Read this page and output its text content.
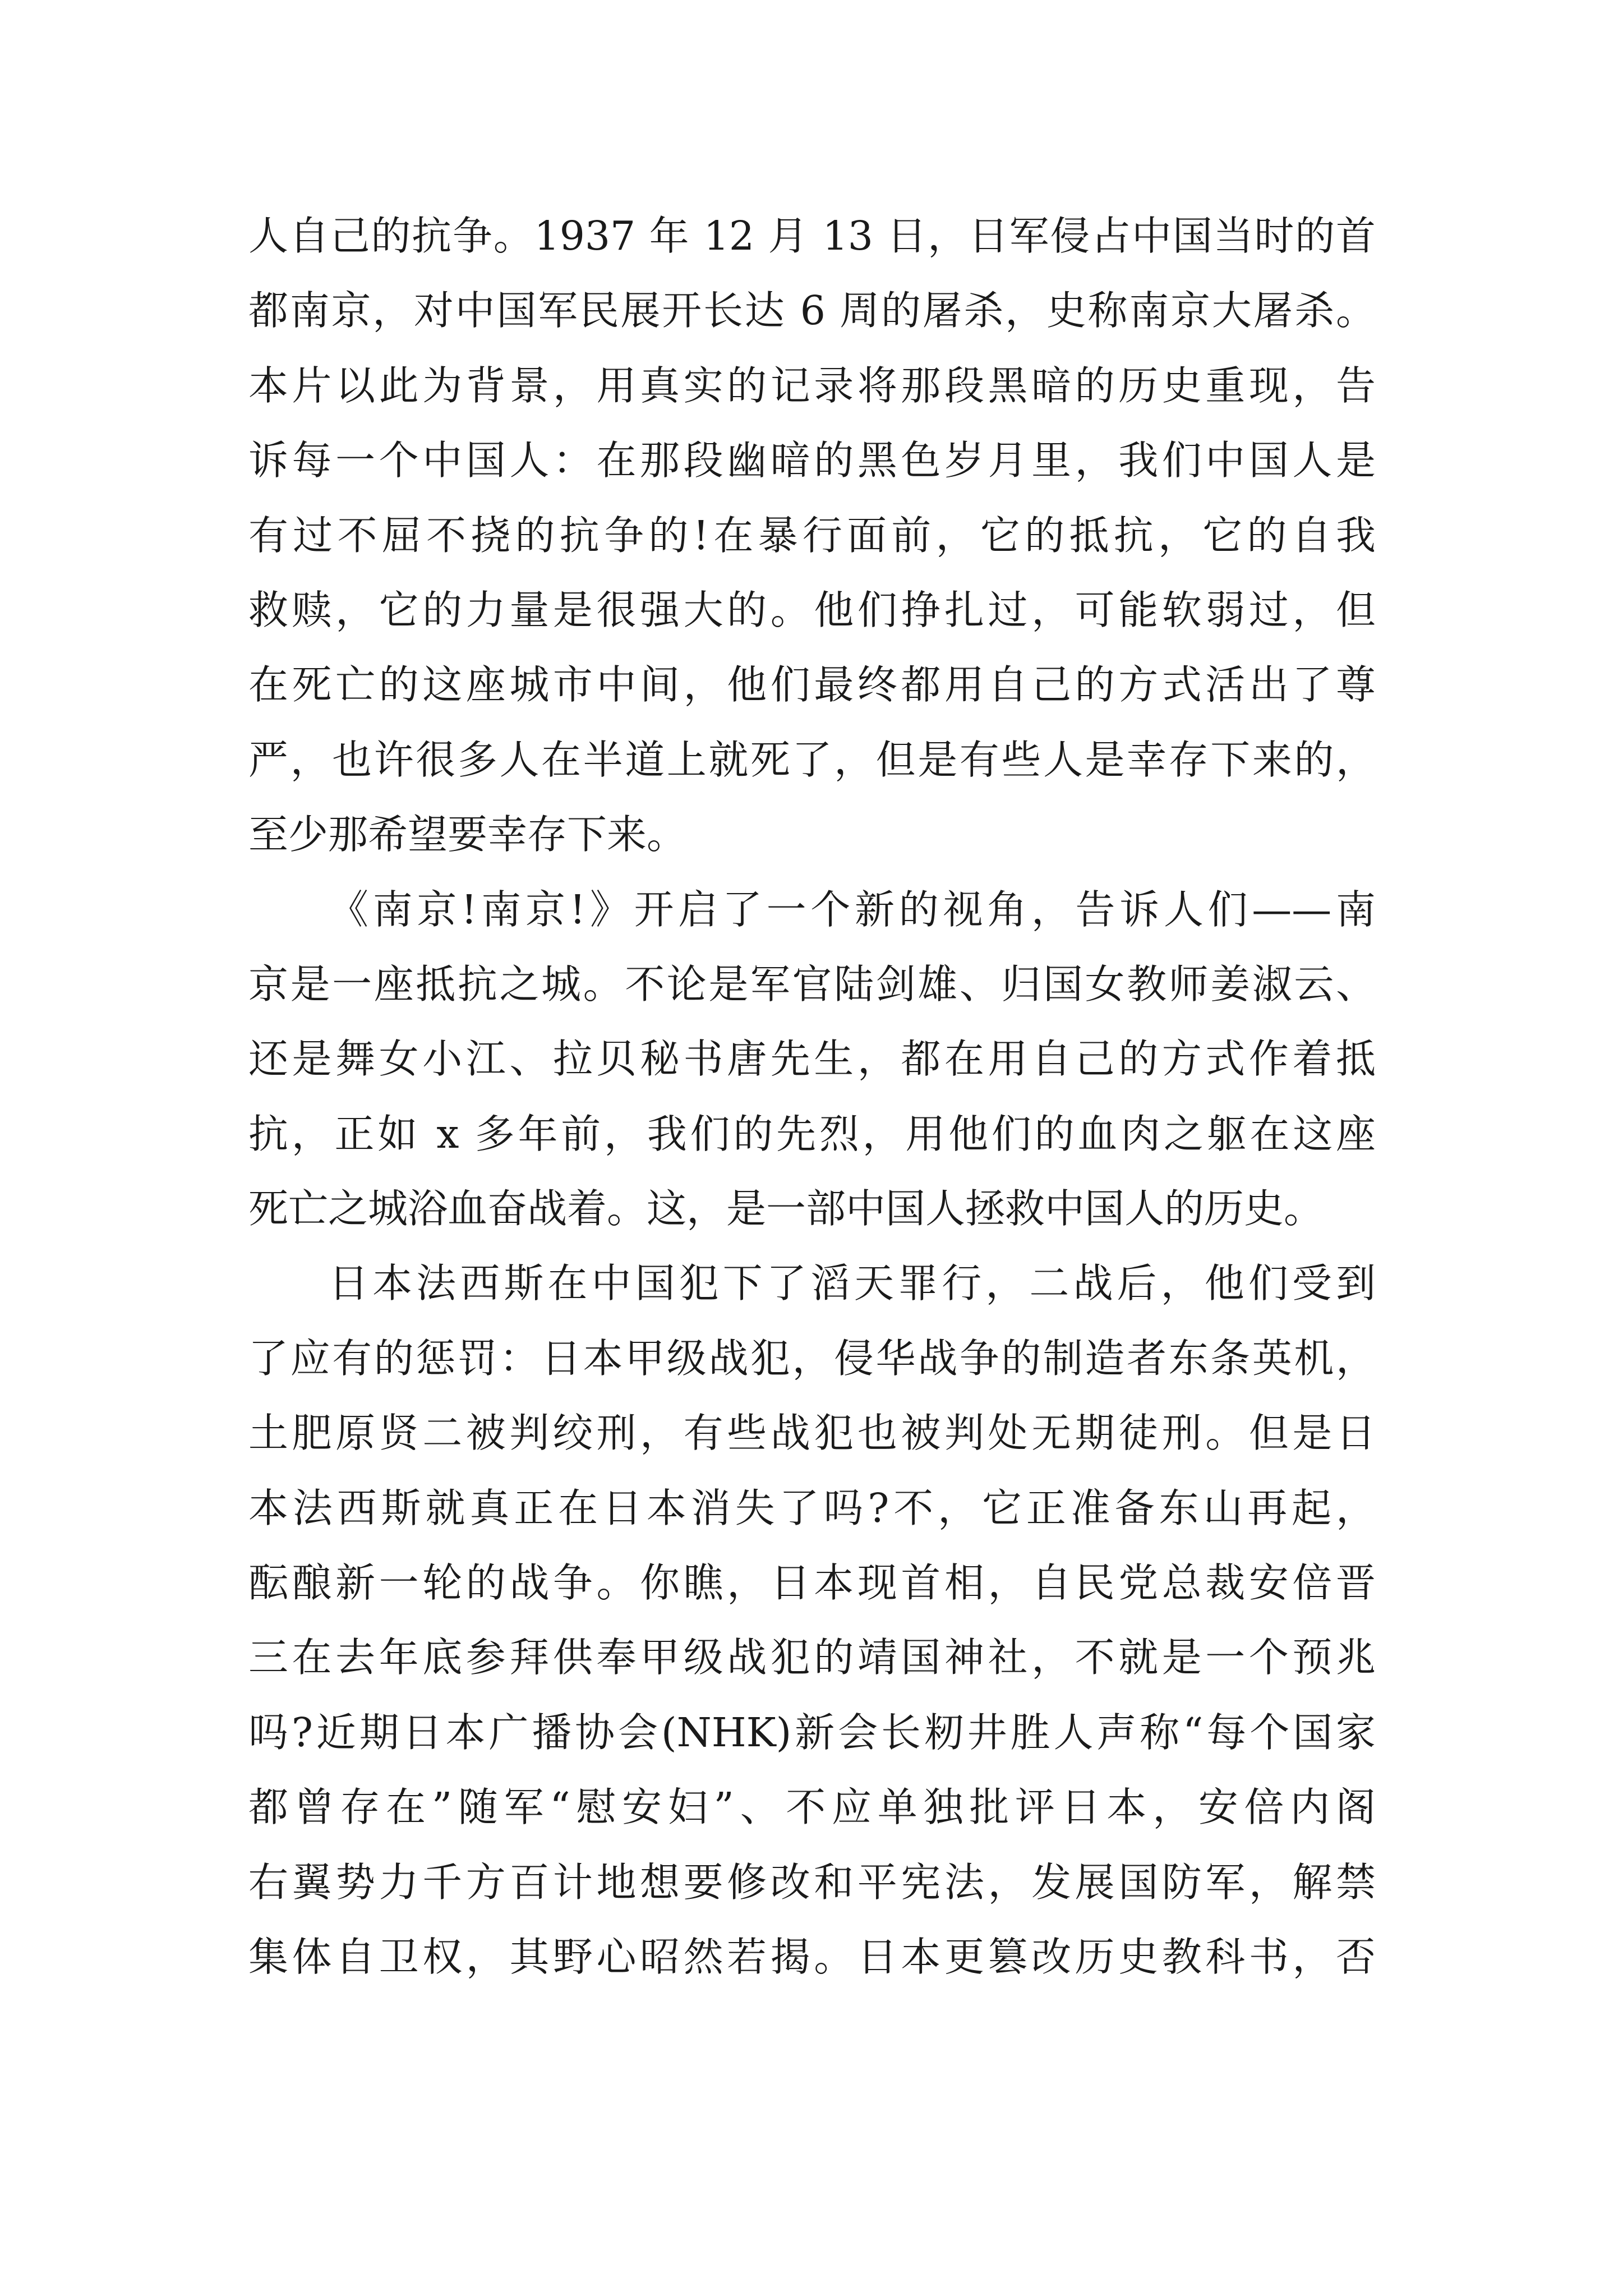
人自己的抗争。1937 年 12 月 13 日，日军侵占中国当时的首
都南京，对中国军民展开长达 6 周的屠杀，史称南京大屠杀。
本片以此为背景，用真实的记录将那段黑暗的历史重现，告
诉每一个中国人：在那段幽暗的黑色岁月里，我们中国人是
有过不屈不挠的抗争的!在暴行面前，它的抵抗，它的自我
救赎，它的力量是很强大的。他们挣扎过，可能软弱过，但
在死亡的这座城市中间，他们最终都用自己的方式活出了尊
严，也许很多人在半道上就死了，但是有些人是幸存下来的，
至少那希望要幸存下来。
《南京!南京!》开启了一个新的视角，告诉人们——南
京是一座抵抗之城。不论是军官陆剑雄、归国女教师姜淑云、
还是舞女小江、拉贝秘书唐先生，都在用自己的方式作着抵
抗，正如 x 多年前，我们的先烈，用他们的血肉之躯在这座
死亡之城浴血奋战着。这，是一部中国人拯救中国人的历史。
日本法西斯在中国犯下了滔天罪行，二战后，他们受到
了应有的惩罚：日本甲级战犯，侵华战争的制造者东条英机，
土肥原贤二被判绞刑，有些战犯也被判处无期徒刑。但是日
本法西斯就真正在日本消失了吗?不，它正准备东山再起，
酝酿新一轮的战争。你瞧，日本现首相，自民党总裁安倍晋
三在去年底参拜供奉甲级战犯的靖国神社，不就是一个预兆
吗?近期日本广播协会(NHK)新会长籾井胜人声称“每个国家
都曾存在”随军“慰安妇”、不应单独批评日本，安倍内阁
右翼势力千方百计地想要修改和平宪法，发展国防军，解禁
集体自卫权，其野心昭然若揭。日本更篡改历史教科书，否
